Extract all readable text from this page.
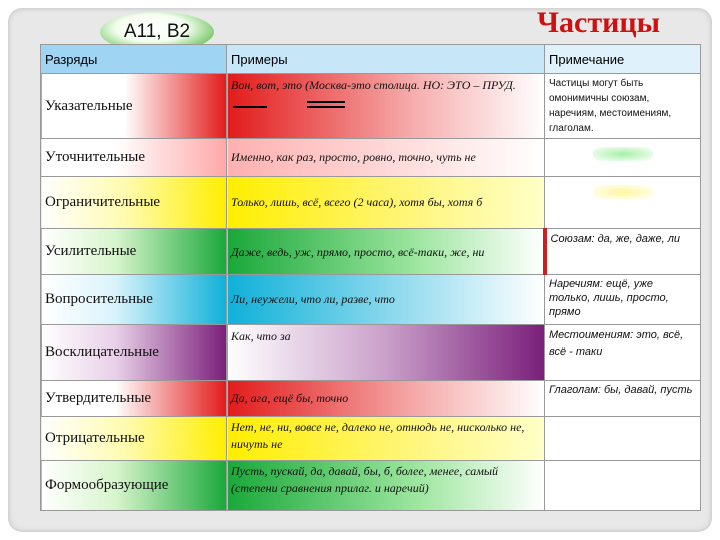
А11, В2	Частицы
Разряды	Примеры	Примечание
Указательные	Вон, вот, это (Москва-это столица. НО: ЭТО – ПРУД.	Частицы могут быть омонимичны союзам, наречиям, местоимениям, глаголам.
Уточнительные	Именно, как раз, просто, ровно, точно, чуть не	

Ограничительные	Только, лишь, всё, всего (2 часа), хотя бы, хотя б	

Усилительные	Даже, ведь, уж, прямо, просто, всё-таки, же, ни	Союзам: да, же, даже, ли
Вопросительные	Ли, неужели, что ли, разве, что	Наречиям: ещё, уже только, лишь, просто, прямо
Восклицательные	Как, что за	Местоимениям: это, всё, всё - таки
Утвердительные	Да, ага, ещё бы, точно	Глаголам: бы, давай, пусть
Отрицательные	Нет, не, ни, вовсе не, далеко не, отнюдь не, нисколько не, ничуть не	
Формообразующие	Пусть, пускай, да, давай, бы, б, более, менее, самый (степени сравнения прилаг. и наречий)	
